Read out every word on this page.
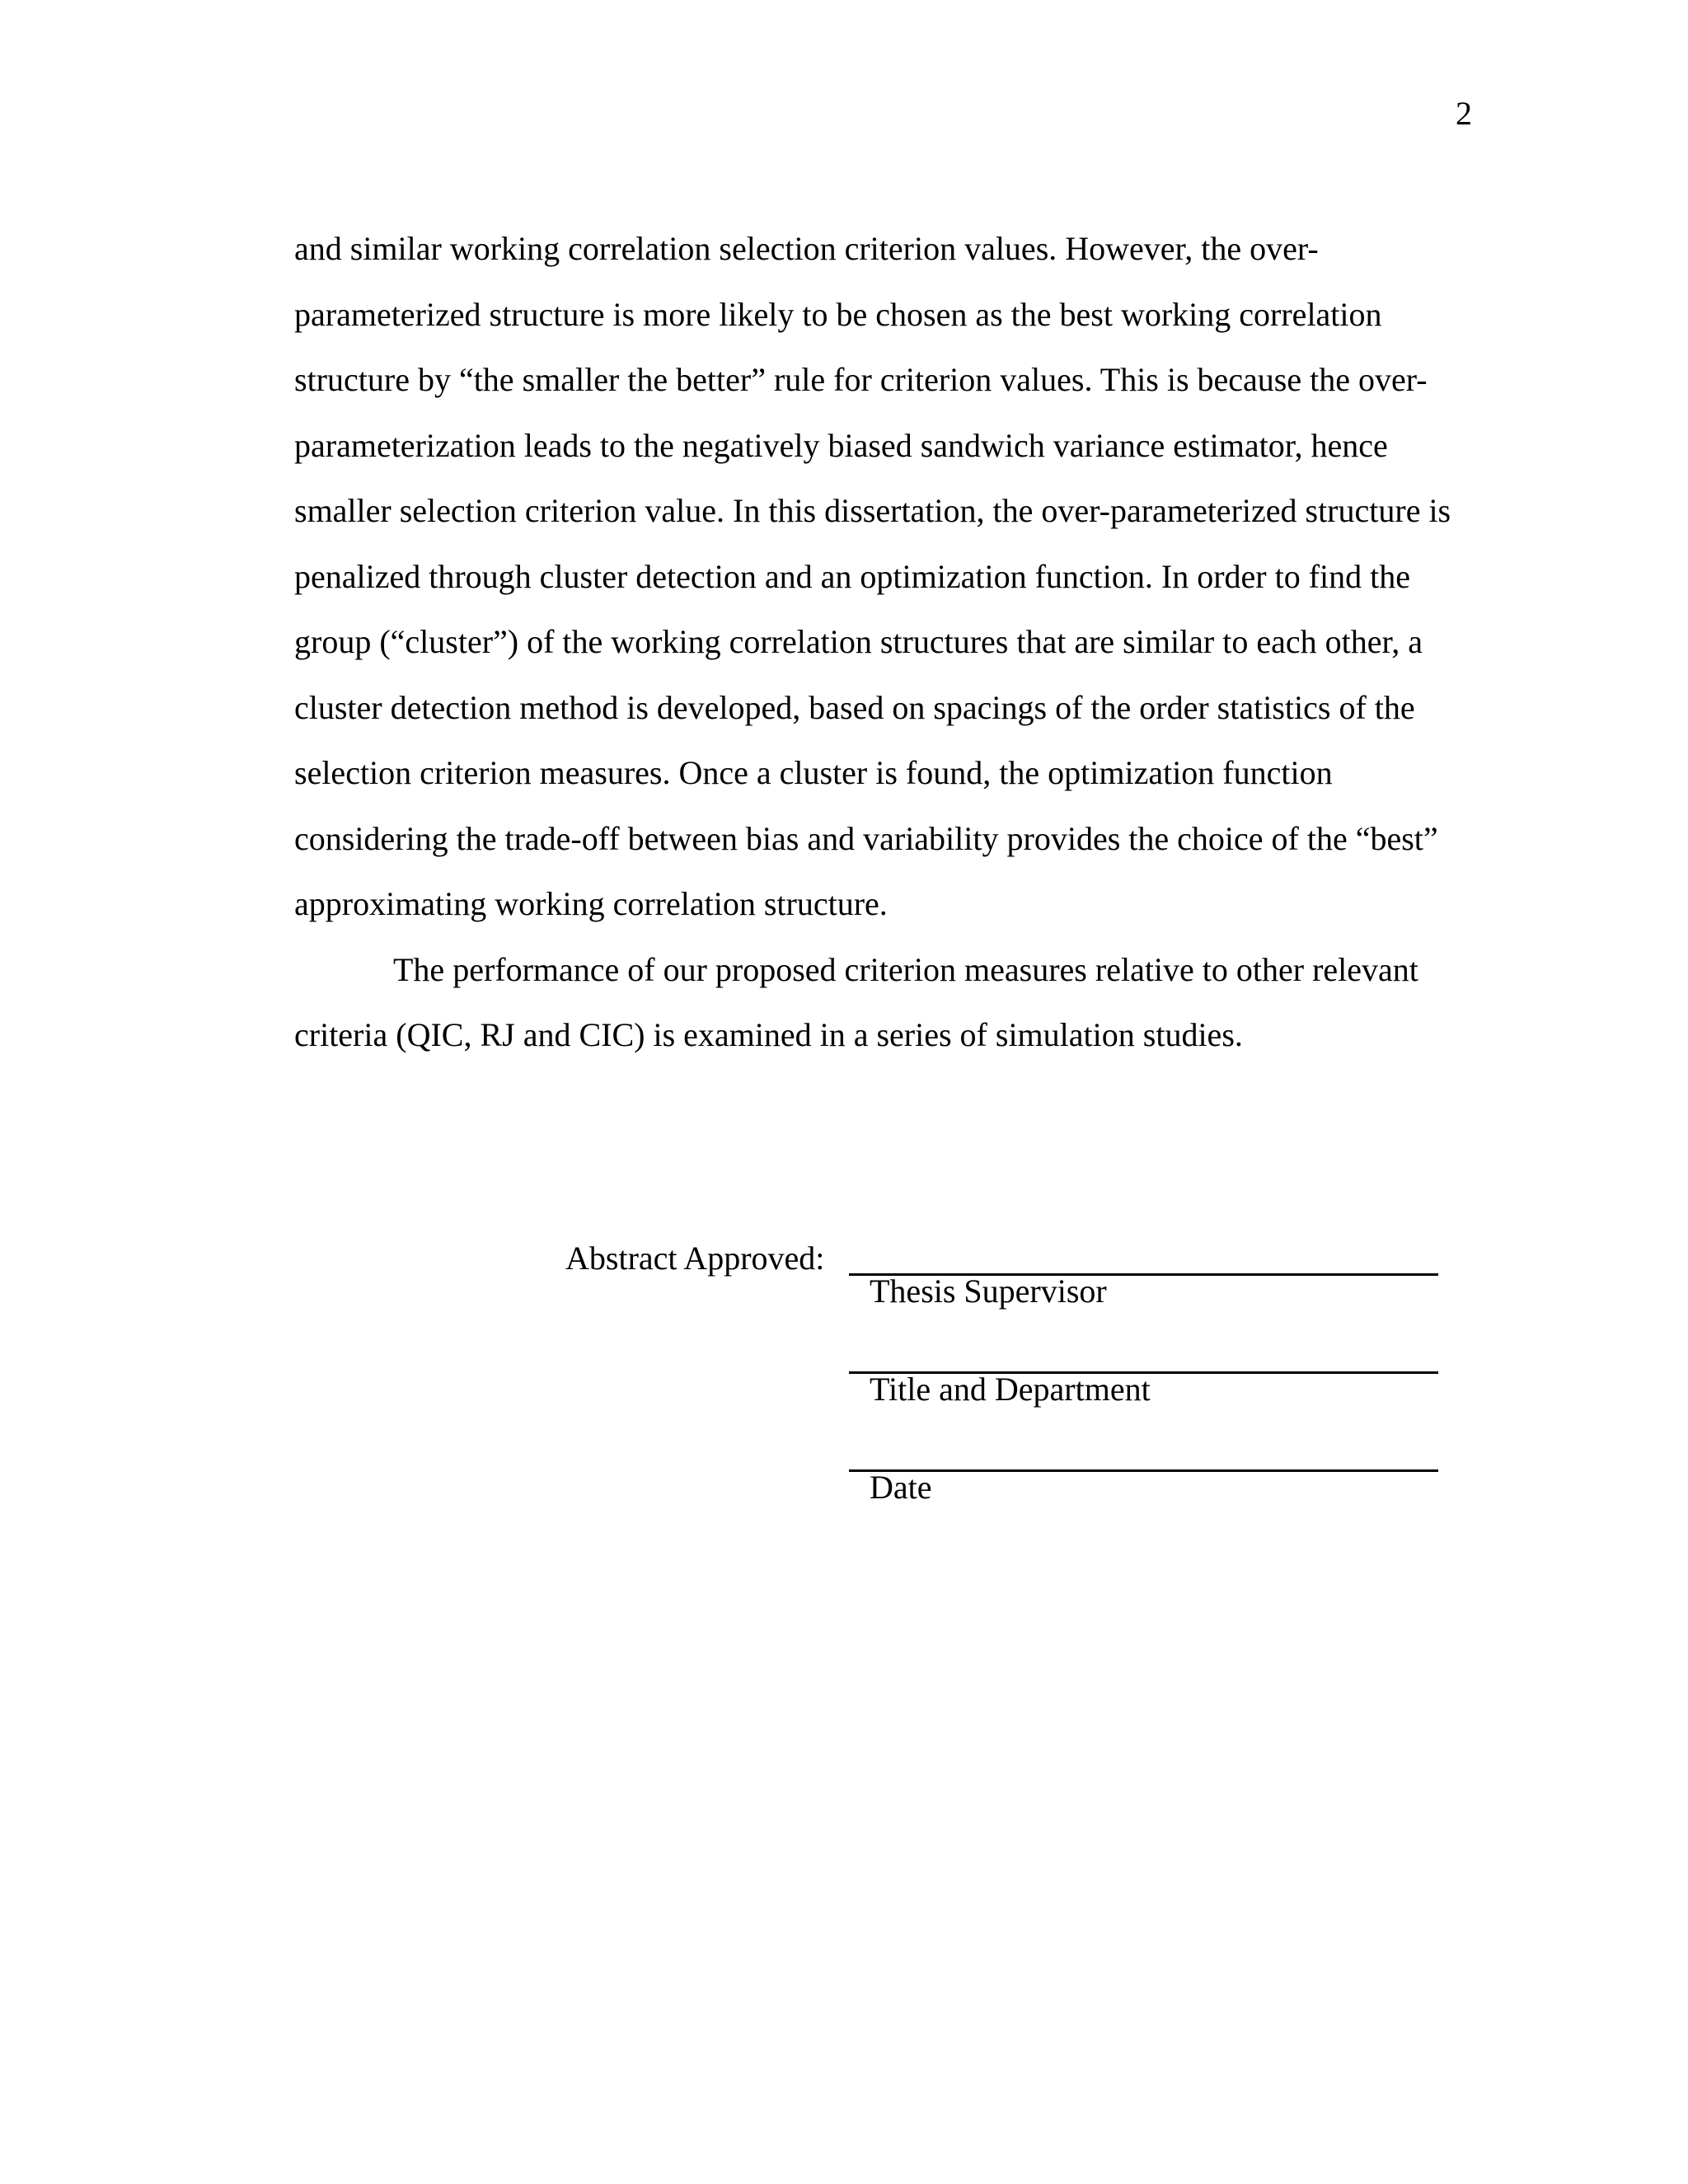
2
and similar working correlation selection criterion values. However, the over-
parameterized structure is more likely to be chosen as the best working correlation
structure by “the smaller the better” rule for criterion values. This is because the over-
parameterization leads to the negatively biased sandwich variance estimator, hence
smaller selection criterion value. In this dissertation, the over-parameterized structure is
penalized through cluster detection and an optimization function. In order to find the
group (“cluster”) of the working correlation structures that are similar to each other, a
cluster detection method is developed, based on spacings of the order statistics of the
selection criterion measures. Once a cluster is found, the optimization function
considering the trade-off between bias and variability provides the choice of the “best”
approximating working correlation structure.
The performance of our proposed criterion measures relative to other relevant
criteria (QIC, RJ and CIC) is examined in a series of simulation studies.
Abstract Approved:
Thesis Supervisor
Title and Department
Date
